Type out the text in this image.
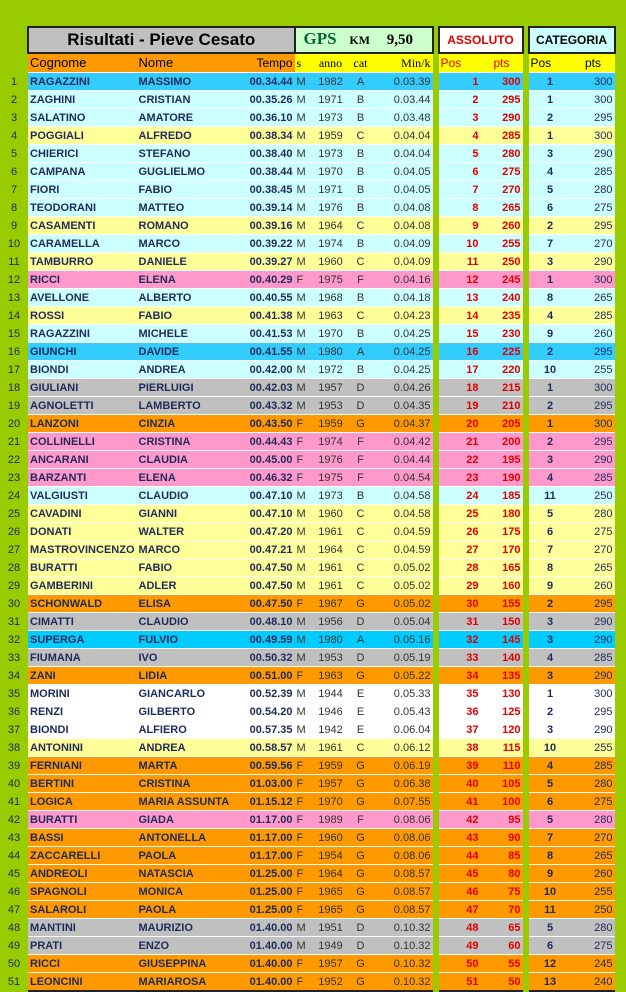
	Risultati - Pieve Cesato			GPS KM 9,50					ASSOLUTO			CATEGORIA	
	Cognome	Nome	Tempo	s	anno	cat	Min/k		Pos	pts		Pos	pts
1	RAGAZZINI	MASSIMO	00.34.44	M	1982	A	0.03.39		1	300		1	300
2	ZAGHINI	CRISTIAN	00.35.26	M	1971	B	0.03.44		2	295		1	300
3	SALATINO	AMATORE	00.36.10	M	1973	B	0.03.48		3	290		2	295
4	POGGIALI	ALFREDO	00.38.34	M	1959	C	0.04.04		4	285		1	300
5	CHIERICI	STEFANO	00.38.40	M	1973	B	0.04.04		5	280		3	290
6	CAMPANA	GUGLIELMO	00.38.44	M	1970	B	0.04.05		6	275		4	285
7	FIORI	FABIO	00.38.45	M	1971	B	0.04.05		7	270		5	280
8	TEODORANI	MATTEO	00.39.14	M	1976	B	0.04.08		8	265		6	275
9	CASAMENTI	ROMANO	00.39.16	M	1964	C	0.04.08		9	260		2	295
10	CARAMELLA	MARCO	00.39.22	M	1974	B	0.04.09		10	255		7	270
11	TAMBURRO	DANIELE	00.39.27	M	1960	C	0.04.09		11	250		3	290
12	RICCI	ELENA	00.40.29	F	1975	F	0.04.16		12	245		1	300
13	AVELLONE	ALBERTO	00.40.55	M	1968	B	0.04.18		13	240		8	265
14	ROSSI	FABIO	00.41.38	M	1963	C	0.04.23		14	235		4	285
15	RAGAZZINI	MICHELE	00.41.53	M	1970	B	0.04.25		15	230		9	260
16	GIUNCHI	DAVIDE	00.41.55	M	1980	A	0.04.25		16	225		2	295
17	BIONDI	ANDREA	00.42.00	M	1972	B	0.04.25		17	220		10	255
18	GIULIANI	PIERLUIGI	00.42.03	M	1957	D	0.04.26		18	215		1	300
19	AGNOLETTI	LAMBERTO	00.43.32	M	1953	D	0.04.35		19	210		2	295
20	LANZONI	CINZIA	00.43.50	F	1959	G	0.04.37		20	205		1	300
21	COLLINELLI	CRISTINA	00.44.43	F	1974	F	0.04.42		21	200		2	295
22	ANCARANI	CLAUDIA	00.45.00	F	1976	F	0.04.44		22	195		3	290
23	BARZANTI	ELENA	00.46.32	F	1975	F	0.04.54		23	190		4	285
24	VALGIUSTI	CLAUDIO	00.47.10	M	1973	B	0.04.58		24	185		11	250
25	CAVADINI	GIANNI	00.47.10	M	1960	C	0.04.58		25	180		5	280
26	DONATI	WALTER	00.47.20	M	1961	C	0.04.59		26	175		6	275
27	MASTROVINCENZO	MARCO	00.47.21	M	1964	C	0.04.59		27	170		7	270
28	BURATTI	FABIO	00.47.50	M	1961	C	0.05.02		28	165		8	265
29	GAMBERINI	ADLER	00.47.50	M	1961	C	0.05.02		29	160		9	260
30	SCHONWALD	ELISA	00.47.50	F	1967	G	0.05.02		30	155		2	295
31	CIMATTI	CLAUDIO	00.48.10	M	1956	D	0.05.04		31	150		3	290
32	SUPERGA	FULVIO	00.49.59	M	1980	A	0.05.16		32	145		3	290
33	FIUMANA	IVO	00.50.32	M	1953	D	0.05.19		33	140		4	285
34	ZANI	LIDIA	00.51.00	F	1963	G	0.05.22		34	135		3	290
35	MORINI	GIANCARLO	00.52.39	M	1944	E	0.05.33		35	130		1	300
36	RENZI	GILBERTO	00.54.20	M	1946	E	0.05.43		36	125		2	295
37	BIONDI	ALFIERO	00.57.35	M	1942	E	0.06.04		37	120		3	290
38	ANTONINI	ANDREA	00.58.57	M	1961	C	0.06.12		38	115		10	255
39	FERNIANI	MARTA	00.59.56	F	1959	G	0.06.19		39	110		4	285
40	BERTINI	CRISTINA	01.03.00	F	1957	G	0.06.38		40	105		5	280
41	LOGICA	MARIA ASSUNTA	01.15.12	F	1970	G	0.07.55		41	100		6	275
42	BURATTI	GIADA	01.17.00	F	1989	F	0.08.06		42	95		5	280
43	BASSI	ANTONELLA	01.17.00	F	1960	G	0.08.06		43	90		7	270
44	ZACCARELLI	PAOLA	01.17.00	F	1954	G	0.08.06		44	85		8	265
45	ANDREOLI	NATASCIA	01.25.00	F	1964	G	0.08.57		45	80		9	260
46	SPAGNOLI	MONICA	01.25.00	F	1965	G	0.08.57		46	75		10	255
47	SALAROLI	PAOLA	01.25.00	F	1965	G	0.08.57		47	70		11	250
48	MANTINI	MAURIZIO	01.40.00	M	1951	D	0.10.32		48	65		5	280
49	PRATI	ENZO	01.40.00	M	1949	D	0.10.32		49	60		6	275
50	RICCI	GIUSEPPINA	01.40.00	F	1957	G	0.10.32		50	55		12	245
51	LEONCINI	MARIAROSA	01.40.00	F	1952	G	0.10.32		51	50		13	240
